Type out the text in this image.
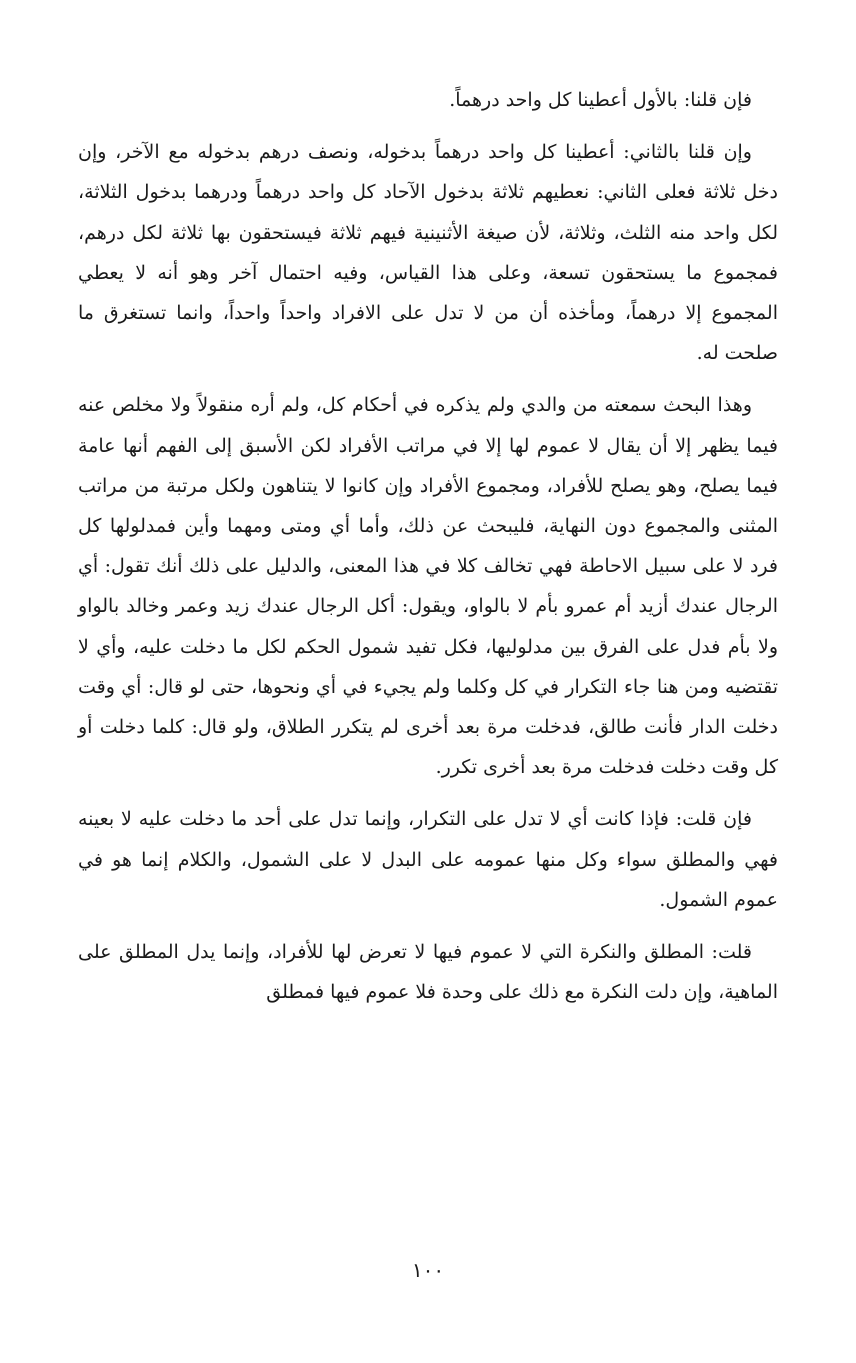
فإن قلنا: بالأول أعطينا كل واحد درهماً.

وإن قلنا بالثاني: أعطينا كل واحد درهماً بدخوله، ونصف درهم بدخوله مع الآخر، وإن دخل ثلاثة فعلى الثاني: نعطيهم ثلاثة بدخول الآحاد كل واحد درهماً ودرهما بدخول الثلاثة، لكل واحد منه الثلث، وثلاثة، لأن صيغة الأثنينية فيهم ثلاثة فيستحقون بها ثلاثة لكل درهم، فمجموع ما يستحقون تسعة، وعلى هذا القياس، وفيه احتمال آخر وهو أنه لا يعطي المجموع إلا درهماً، ومأخذه أن من لا تدل على الافراد واحداً واحداً، وانما تستغرق ما صلحت له.

وهذا البحث سمعته من والدي ولم يذكره في أحكام كل، ولم أره منقولاً ولا مخلص عنه فيما يظهر إلا أن يقال لا عموم لها إلا في مراتب الأفراد لكن الأسبق إلى الفهم أنها عامة فيما يصلح، وهو يصلح للأفراد، ومجموع الأفراد وإن كانوا لا يتناهون ولكل مرتبة من مراتب المثنى والمجموع دون النهاية، فليبحث عن ذلك، وأما أي ومتى ومهما وأين فمدلولها كل فرد لا على سبيل الاحاطة فهي تخالف كلا في هذا المعنى، والدليل على ذلك أنك تقول: أي الرجال عندك أزيد أم عمرو بأم لا بالواو، ويقول: أكل الرجال عندك زيد وعمر وخالد بالواو ولا بأم فدل على الفرق بين مدلوليها، فكل تفيد شمول الحكم لكل ما دخلت عليه، وأي لا تقتضيه ومن هنا جاء التكرار في كل وكلما ولم يجيء في أي ونحوها، حتى لو قال: أي وقت دخلت الدار فأنت طالق، فدخلت مرة بعد أخرى لم يتكرر الطلاق، ولو قال: كلما دخلت أو كل وقت دخلت فدخلت مرة بعد أخرى تكرر.

فإن قلت: فإذا كانت أي لا تدل على التكرار، وإنما تدل على أحد ما دخلت عليه لا بعينه فهي والمطلق سواء وكل منها عمومه على البدل لا على الشمول، والكلام إنما هو في عموم الشمول.

قلت: المطلق والنكرة التي لا عموم فيها لا تعرض لها للأفراد، وإنما يدل المطلق على الماهية، وإن دلت النكرة مع ذلك على وحدة فلا عموم فيها فمطلق

١٠٠
